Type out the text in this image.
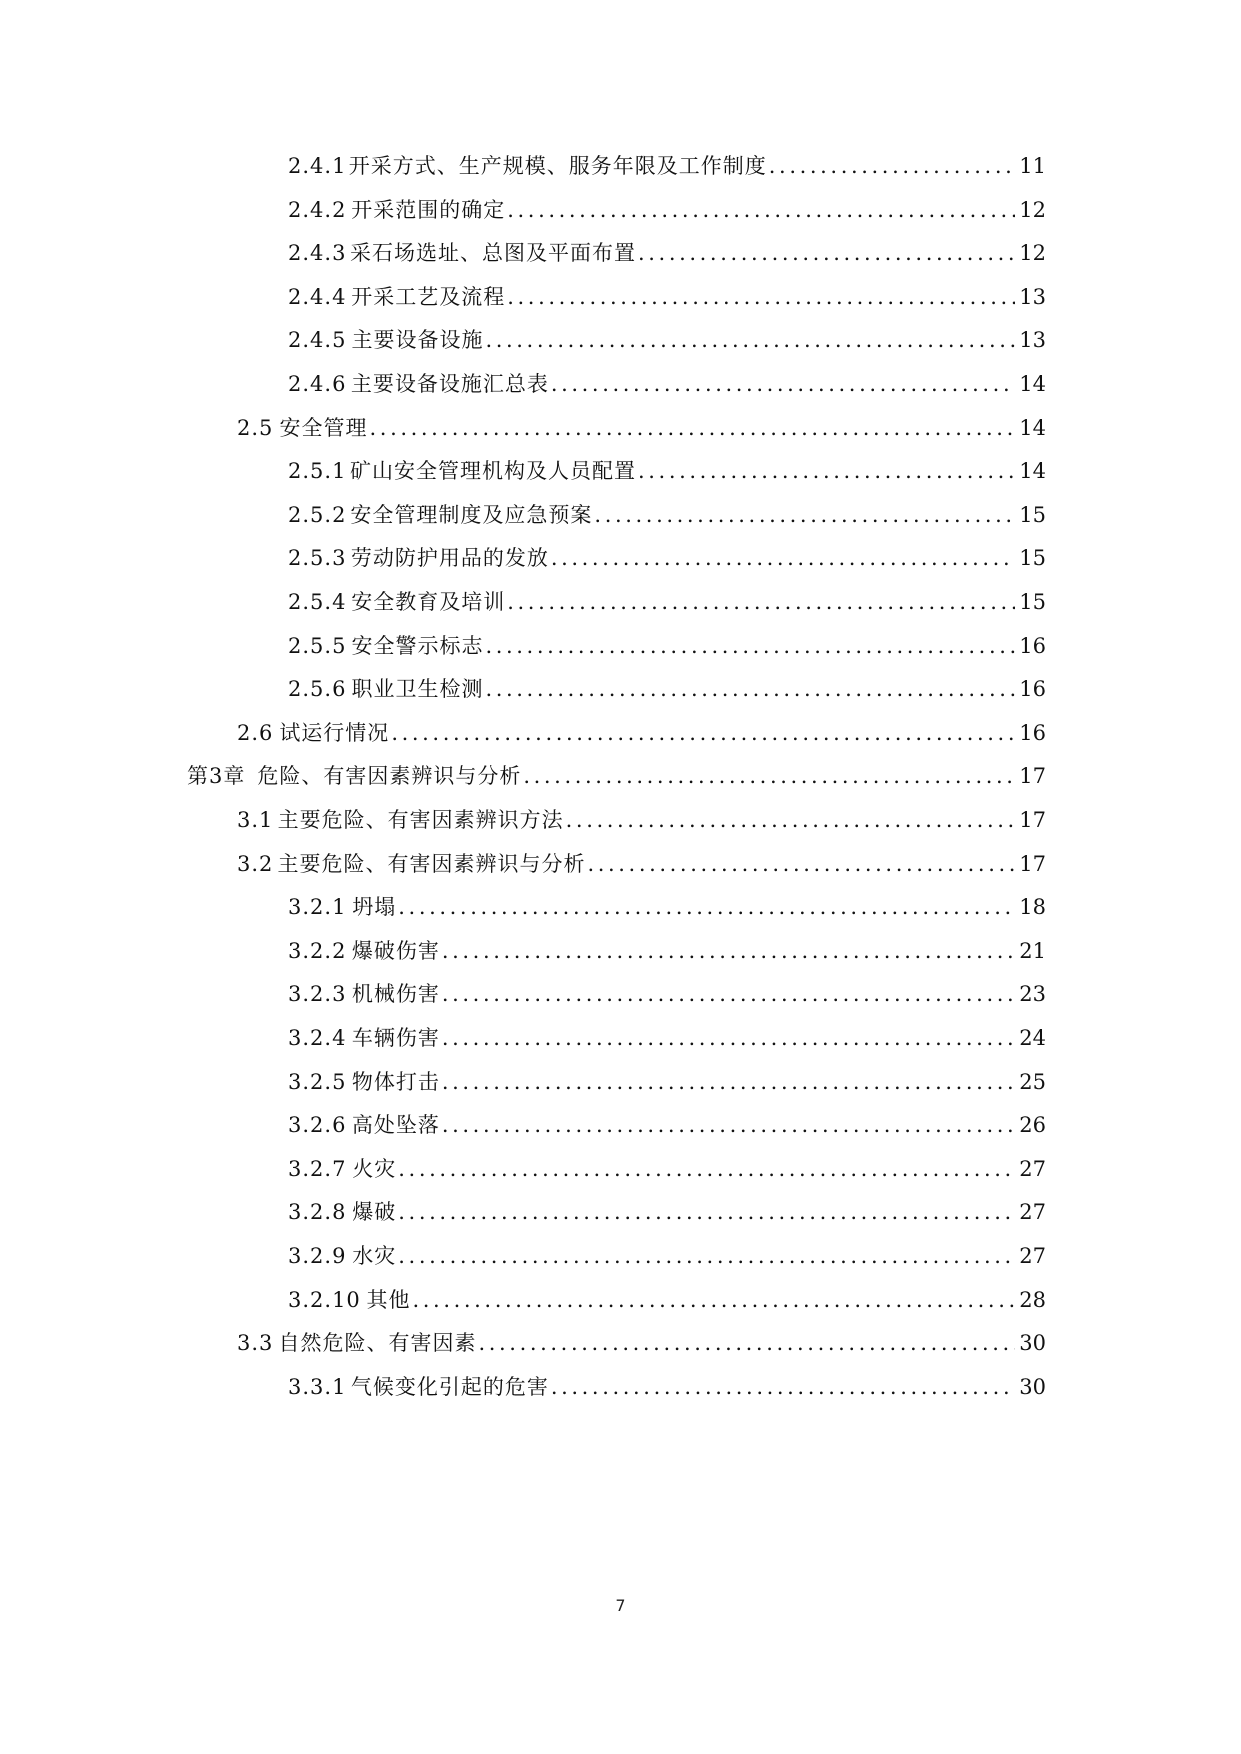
2.4.1 开采方式、生产规模、服务年限及工作制度 .....	11
2.4.2 开采范围的确定 .....	12
2.4.3 采石场选址、总图及平面布置 .....	12
2.4.4 开采工艺及流程 .....	13
2.4.5 主要设备设施 .....	13
2.4.6 主要设备设施汇总表 .....	14
2.5 安全管理 .....	14
2.5.1 矿山安全管理机构及人员配置 .....	14
2.5.2 安全管理制度及应急预案 .....	15
2.5.3 劳动防护用品的发放 .....	15
2.5.4 安全教育及培训 .....	15
2.5.5 安全警示标志 .....	16
2.5.6 职业卫生检测 .....	16
2.6 试运行情况 .....	16
第3章 危险、有害因素辨识与分析 .....	17
3.1 主要危险、有害因素辨识方法 .....	17
3.2 主要危险、有害因素辨识与分析 .....	17
3.2.1 坍塌 .....	18
3.2.2 爆破伤害 .....	21
3.2.3 机械伤害 .....	23
3.2.4 车辆伤害 .....	24
3.2.5 物体打击 .....	25
3.2.6 高处坠落 .....	26
3.2.7 火灾 .....	27
3.2.8 爆破 .....	27
3.2.9 水灾 .....	27
3.2.10 其他 .....	28
3.3 自然危险、有害因素 .....	30
3.3.1 气候变化引起的危害 .....	30
7
